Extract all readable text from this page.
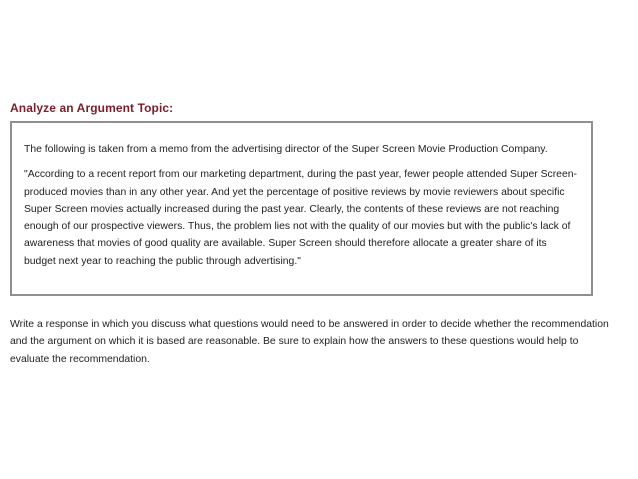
Analyze an Argument Topic:

The following is taken from a memo from the advertising director of the Super Screen Movie Production Company.

"According to a recent report from our marketing department, during the past year, fewer people attended Super Screen-produced movies than in any other year. And yet the percentage of positive reviews by movie reviewers about specific Super Screen movies actually increased during the past year. Clearly, the contents of these reviews are not reaching enough of our prospective viewers. Thus, the problem lies not with the quality of our movies but with the public's lack of awareness that movies of good quality are available. Super Screen should therefore allocate a greater share of its budget next year to reaching the public through advertising."

Write a response in which you discuss what questions would need to be answered in order to decide whether the recommendation and the argument on which it is based are reasonable. Be sure to explain how the answers to these questions would help to evaluate the recommendation.
